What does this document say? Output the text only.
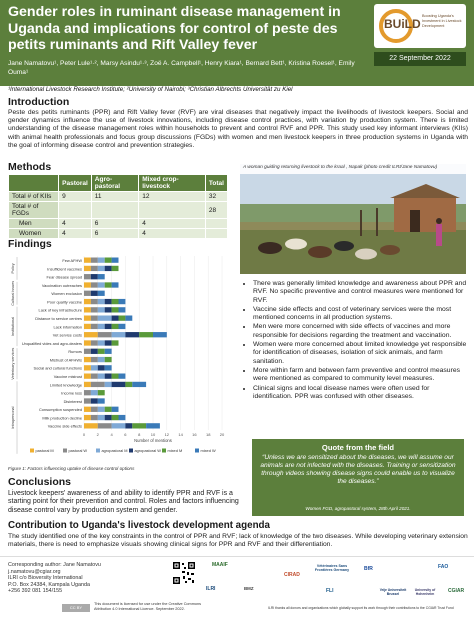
Gender roles in ruminant disease management in Uganda and implications for control of peste des petits ruminants and Rift Valley fever
BUiLD
Boosting Uganda's Investment in Livestock Development
22 September 2022
Jane Namatovu¹, Peter Lule¹·², Marsy Asindu¹·³, Zoë A. Campbell¹, Henry Kiara¹, Bernard Bett¹, Kristina Roesel¹, Emily Ouma¹
¹International Livestock Research Institute; ²University of Nairobi; ³Christian Albrechts Universität zu Kiel
Introduction
Peste des petits ruminants (PPR) and Rift Valley fever (RVF) are viral diseases that negatively impact the livelihoods of livestock keepers. Social and gender dynamics influence the use of livestock innovations, including disease control practices, with variation by production system. There is limited understanding of the disease management roles within households to prevent and control RVF and PPR. This study used key informant interviews (KIIs) with animal health professionals and focus group discussions (FGDs) with women and men livestock keepers in three production systems in Uganda with the goal of informing disease control and prevention strategies.
Methods
	Pastoral	Agro-pastoral	Mixed crop-livestock	Total
Total # of KIIs	9	11	12	32
Total # of FGDs				28
Men	4	6	4	
Women	4	6	4	
Findings
0	2	4	6	8	10 12 14 16 18 20
Number of mentions
Policy
Cultural issues
Institutional
Veterinary services
Intrapersonal
Few AFHW
Insufficient vaccines
Fear disease spread
Vaccination outreaches
Women exclusion
Poor quality vaccine
Lack of key infrastructure
Distance to service centres
Lack information
Vet service costs
Unqualified vides and agro-dealers
Rumors
Mistrust of AFHWs
Social and cultural functions
Vaccine mistrust
Limited knowledge
Income loss
Disinterest
Consumption suspended
Milk production decline
Vaccine side effects
pastoral M	pastoral W	agropastoral M agropastoral W mixed M	mixed W
Figure 1: Factors influencing uptake of disease control options
A woman guiding returning livestock to the kraal , Napak (photo credit ILRI/Jane Namatovu)
• There was generally limited knowledge and awareness about PPR and RVF. No specific preventive and control measures were mentioned for RVF.
• Vaccine side effects and cost of veterinary services were the most mentioned concerns in all production systems.
• Men were more concerned with side effects of vaccines and more responsible for decisions regarding the treatment and vaccination.
• Women were more concerned about limited knowledge yet responsible for identification of diseases, isolation of sick animals, and farm sanitation.
• More within farm and between farm preventive and control measures were mentioned as compared to community level measures.
• Clinical signs and local disease names were often used for identification. PPR was confused with other diseases.
Conclusions
Livestock keepers' awareness of and ability to identify PPR and RVF is a starting point for their prevention and control. Roles and factors influencing disease control vary by production system and gender.
Quote from the field
“Unless we are sensitized about the diseases, we will assume our animals are not infected with the diseases. Training or sensitization through videos showing disease signs could enable us to visualize the diseases.”
Women FGD, agropastoral system, 28th April 2021.
Contribution to Uganda's livestock development agenda
The study identified one of the key constraints in the control of PPR and RVF; lack of knowledge of the two diseases. While developing veterinary extension materials, there is need to emphasize visuals showing clinical signs for PPR and RVF and their differentiation.
Corresponding author: Jane Namatovu
j.namatovu@cgiar.org
ILRI c/o Bioversity International
P.O. Box 24384, Kampala Uganda
+256 392 081 154/155
CC BY
This document is licensed for use under the Creative Commons Attribution 4.0 International Licence. September 2022.
MAAIF
ILRI	BMZ
CIRAD
Vétérinaires Sans Frontières Germany	BfR
FLI
FAO
Vrije Universiteit Brussel
University of Hohenheim	CGIAR
ILRI thanks all donors and organizations which globally support its work through their contributions to the CGIAR Trust Fund
